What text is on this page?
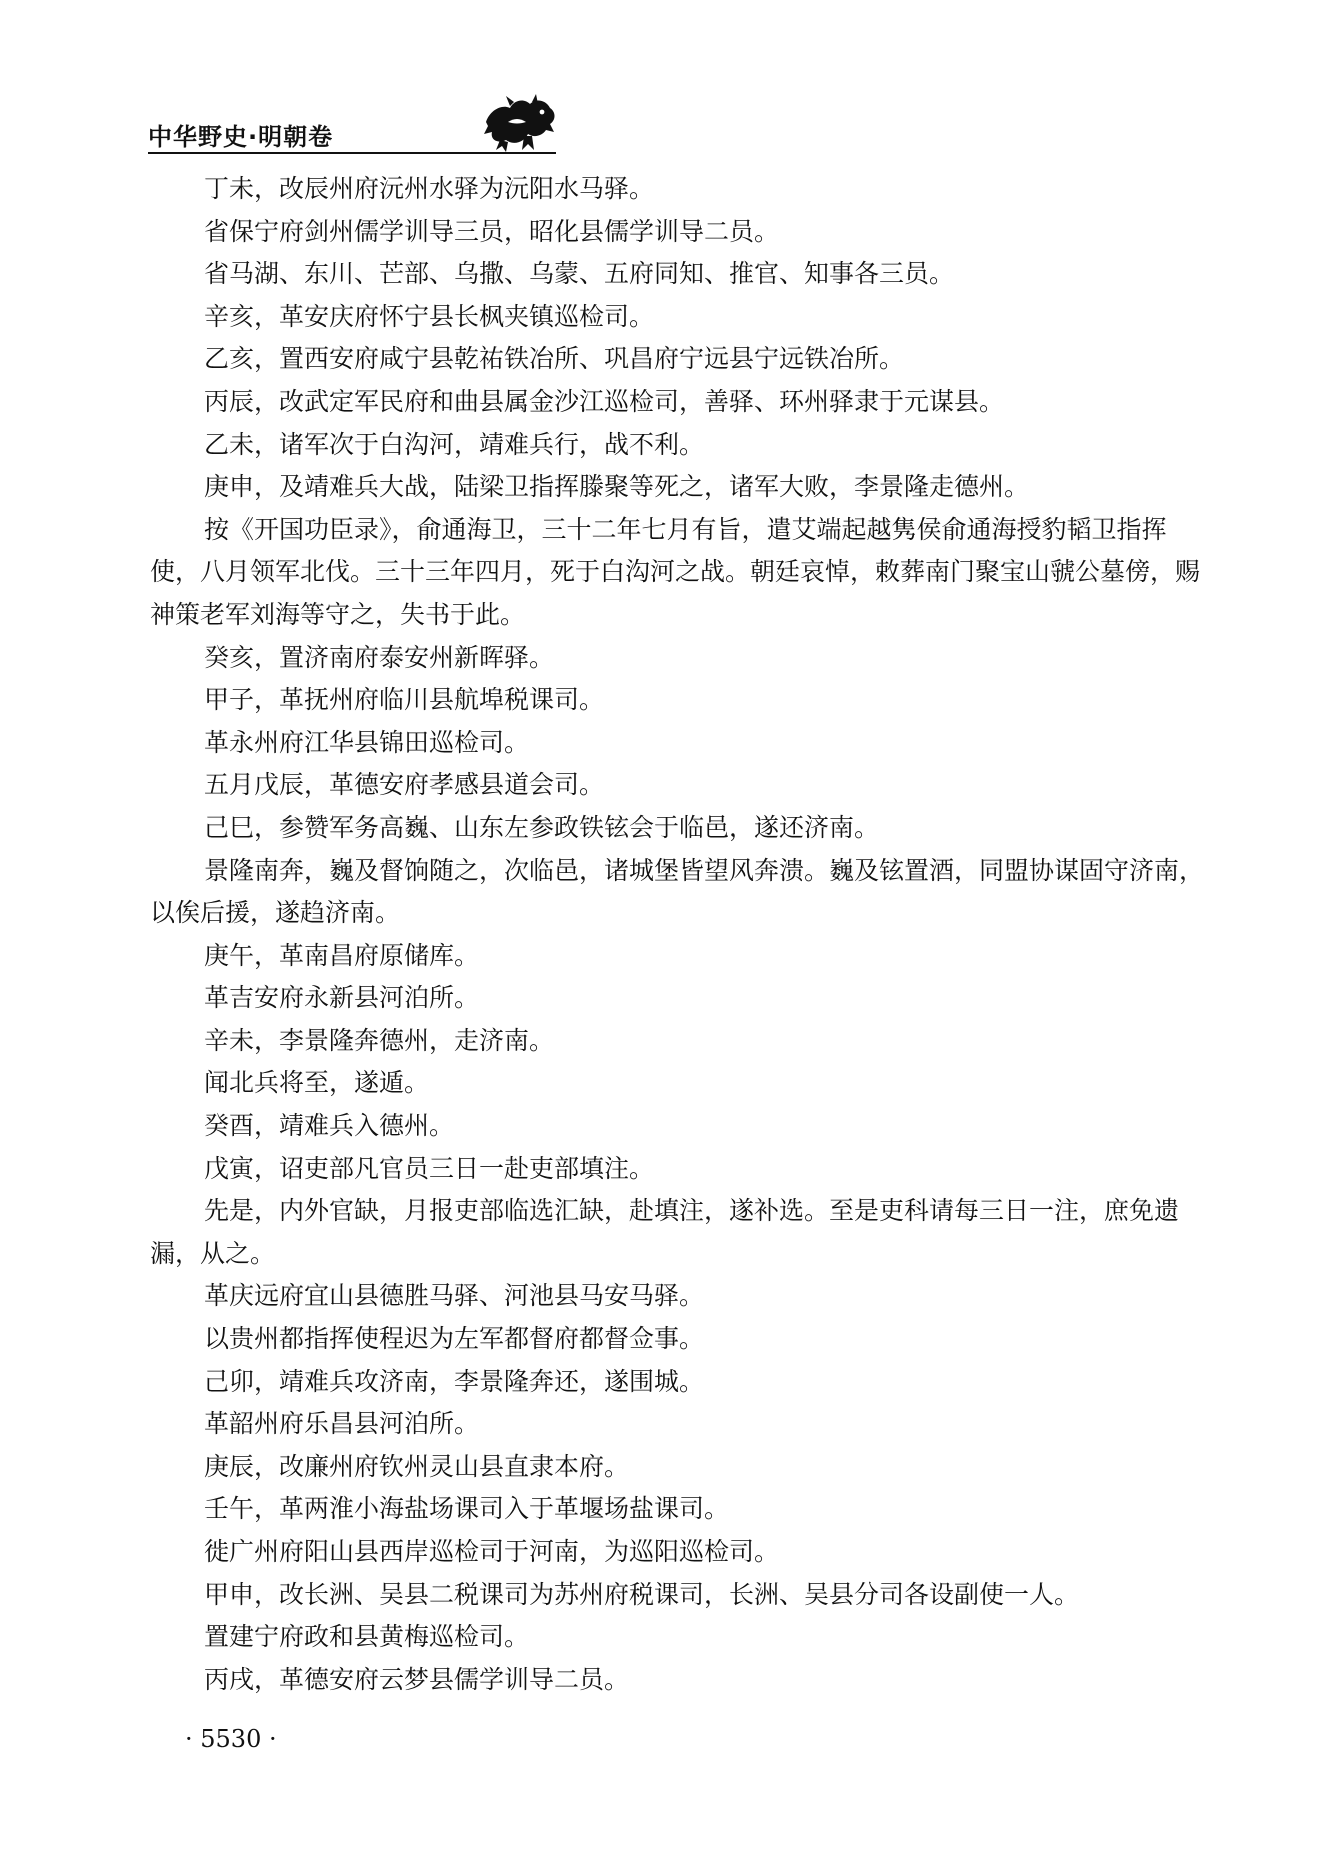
中华野史·明朝卷

丁未，改辰州府沅州水驿为沅阳水马驿。

省保宁府剑州儒学训导三员，昭化县儒学训导二员。

省马湖、东川、芒部、乌撒、乌蒙、五府同知、推官、知事各三员。

辛亥，革安庆府怀宁县长枫夹镇巡检司。

乙亥，置西安府咸宁县乾祐铁冶所、巩昌府宁远县宁远铁冶所。

丙辰，改武定军民府和曲县属金沙江巡检司，善驿、环州驿隶于元谋县。

乙未，诸军次于白沟河，靖难兵行，战不利。

庚申，及靖难兵大战，陆梁卫指挥滕聚等死之，诸军大败，李景隆走德州。

按《开国功臣录》，俞通海卫，三十二年七月有旨，遣艾端起越隽侯俞通海授豹韬卫指挥使，八月领军北伐。三十三年四月，死于白沟河之战。朝廷哀悼，敕葬南门聚宝山虢公墓傍，赐神策老军刘海等守之，失书于此。

癸亥，置济南府泰安州新晖驿。

甲子，革抚州府临川县航埠税课司。

革永州府江华县锦田巡检司。

五月戊辰，革德安府孝感县道会司。

己巳，参赞军务高巍、山东左参政铁铉会于临邑，遂还济南。

景隆南奔，巍及督饷随之，次临邑，诸城堡皆望风奔溃。巍及铉置酒，同盟协谋固守济南，以俟后援，遂趋济南。

庚午，革南昌府原储库。

革吉安府永新县河泊所。

辛未，李景隆奔德州，走济南。

闻北兵将至，遂遁。

癸酉，靖难兵入德州。

戊寅，诏吏部凡官员三日一赴吏部填注。

先是，内外官缺，月报吏部临选汇缺，赴填注，遂补选。至是吏科请每三日一注，庶免遗漏，从之。

革庆远府宜山县德胜马驿、河池县马安马驿。

以贵州都指挥使程迟为左军都督府都督佥事。

己卯，靖难兵攻济南，李景隆奔还，遂围城。

革韶州府乐昌县河泊所。

庚辰，改廉州府钦州灵山县直隶本府。

壬午，革两淮小海盐场课司入于革堰场盐课司。

徙广州府阳山县西岸巡检司于河南，为巡阳巡检司。

甲申，改长洲、吴县二税课司为苏州府税课司，长洲、吴县分司各设副使一人。

置建宁府政和县黄梅巡检司。

丙戌，革德安府云梦县儒学训导二员。

· 5530 ·
